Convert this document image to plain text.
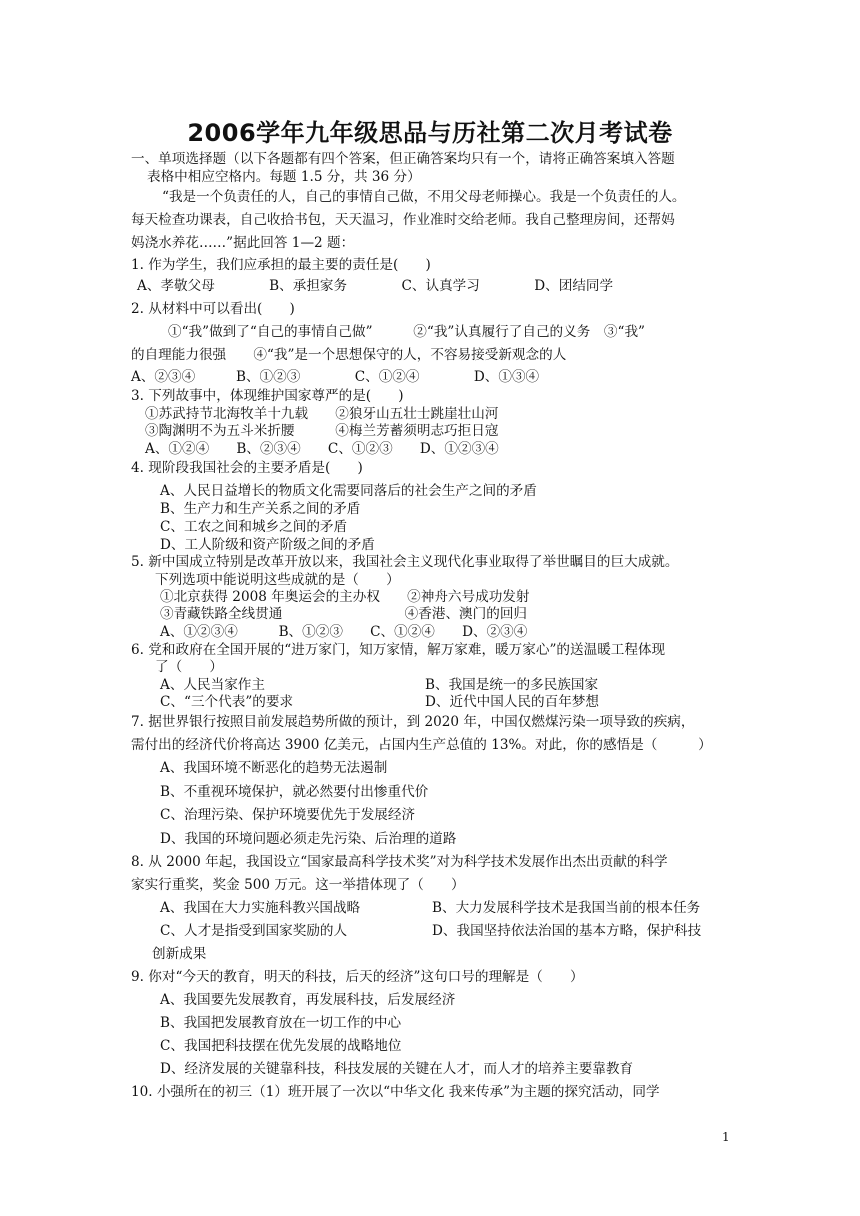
2006学年九年级思品与历社第二次月考试卷
一、单项选择题（以下各题都有四个答案，但正确答案均只有一个，请将正确答案填入答题
表格中相应空格内。每题 1.5 分，共 36 分）
“我是一个负责任的人，自己的事情自己做，不用父母老师操心。我是一个负责任的人。
每天检查功课表，自己收拾书包，天天温习，作业准时交给老师。我自己整理房间，还帮妈
妈浇水养花……”据此回答 1—2 题：
1. 作为学生，我们应承担的最主要的责任是(　　)
A、孝敬父母　　　　B、承担家务　　　　C、认真学习　　　　D、团结同学
2. 从材料中可以看出(　　)
①“我”做到了“自己的事情自己做”　　　②“我”认真履行了自己的义务　③“我”
的自理能力很强　　④“我”是一个思想保守的人，不容易接受新观念的人
A、②③④　　　B、①②③　　　　C、①②④　　　　D、①③④
3. 下列故事中，体现维护国家尊严的是(　　)
①苏武持节北海牧羊十九载　　②狼牙山五壮士跳崖壮山河
③陶渊明不为五斗米折腰　　　④梅兰芳蓄须明志巧拒日寇
A、①②④　　B、②③④　　C、①②③　　D、①②③④
4. 现阶段我国社会的主要矛盾是(　　)
A、人民日益增长的物质文化需要同落后的社会生产之间的矛盾
B、生产力和生产关系之间的矛盾
C、工农之间和城乡之间的矛盾
D、工人阶级和资产阶级之间的矛盾
5. 新中国成立特别是改革开放以来，我国社会主义现代化事业取得了举世瞩目的巨大成就。
下列选项中能说明这些成就的是（　　）
①北京获得 2008 年奥运会的主办权　　②神舟六号成功发射
③青藏铁路全线贯通　　　　　　　　　④香港、澳门的回归
A、①②③④　　　B、①②③　　C、①②④　　D、②③④
6. 党和政府在全国开展的“进万家门，知万家情，解万家难，暖万家心”的送温暖工程体现
了（　　）
A、人民当家作主	B、我国是统一的多民族国家
C、“三个代表”的要求	D、近代中国人民的百年梦想
7. 据世界银行按照目前发展趋势所做的预计，到 2020 年，中国仅燃煤污染一项导致的疾病，
需付出的经济代价将高达 3900 亿美元，占国内生产总值的 13%。对此，你的感悟是（　　　）
A、我国环境不断恶化的趋势无法遏制
B、不重视环境保护，就必然要付出惨重代价
C、治理污染、保护环境要优先于发展经济
D、我国的环境问题必须走先污染、后治理的道路
8. 从 2000 年起，我国设立“国家最高科学技术奖”对为科学技术发展作出杰出贡献的科学
家实行重奖，奖金 500 万元。这一举措体现了（　　）
A、我国在大力实施科教兴国战略	B、大力发展科学技术是我国当前的根本任务
C、人才是指受到国家奖励的人	D、我国坚持依法治国的基本方略，保护科技
创新成果
9. 你对“今天的教育，明天的科技，后天的经济”这句口号的理解是（　　）
A、我国要先发展教育，再发展科技，后发展经济
B、我国把发展教育放在一切工作的中心
C、我国把科技摆在优先发展的战略地位
D、经济发展的关键靠科技，科技发展的关键在人才，而人才的培养主要靠教育
10. 小强所在的初三（1）班开展了一次以“中华文化 我来传承”为主题的探究活动，同学
1
